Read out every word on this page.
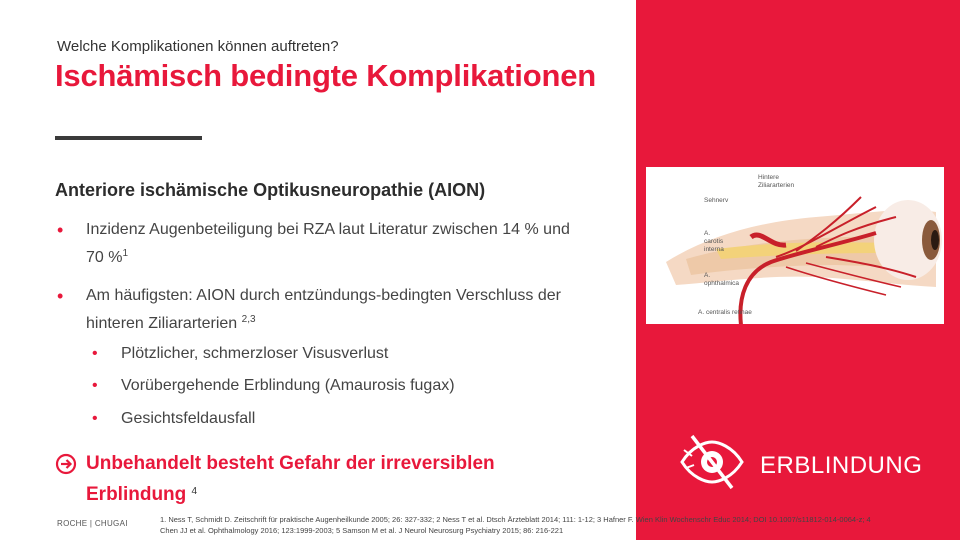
Welche Komplikationen können auftreten?
Ischämisch bedingte Komplikationen
Anteriore ischämische Optikusneuropathie (AION)
• Inzidenz Augenbeteiligung bei RZA laut Literatur zwischen 14 % und 70 %$^1$
• Am häufigsten: AION durch entzündungs-bedingten Verschluss der hinteren Ziliararterien $^{2,3}$
• Plötzlicher, schmerzloser Visusverlust
• Vorübergehende Erblindung (Amaurosis fugax)
• Gesichtsfeldausfall
Unbehandelt besteht Gefahr der irreversiblen Erblindung $^4$
ROCHE | CHUGAI	1. Ness T, Schmidt D. Zeitschrift für praktische Augenheilkunde 2005; 26: 327-332; 2 Ness T et al. Dtsch Ärzteblatt 2014; 111: 1-12; 3 Hafner F. Wien Klin Wochenschr Educ 2014; DOI 10.1007/s11812-014-0064-z; 4 Chen JJ et al. Ophthalmology 2016; 123:1999-2003; 5 Samson M et al. J Neurol Neurosurg Psychiatry 2015; 86: 216-221
Hintere
Ziliararterien
Sehnerv
A.
carotis
interna
A.
ophthalmica
A. centralis retinae
ERBLINDUNG
